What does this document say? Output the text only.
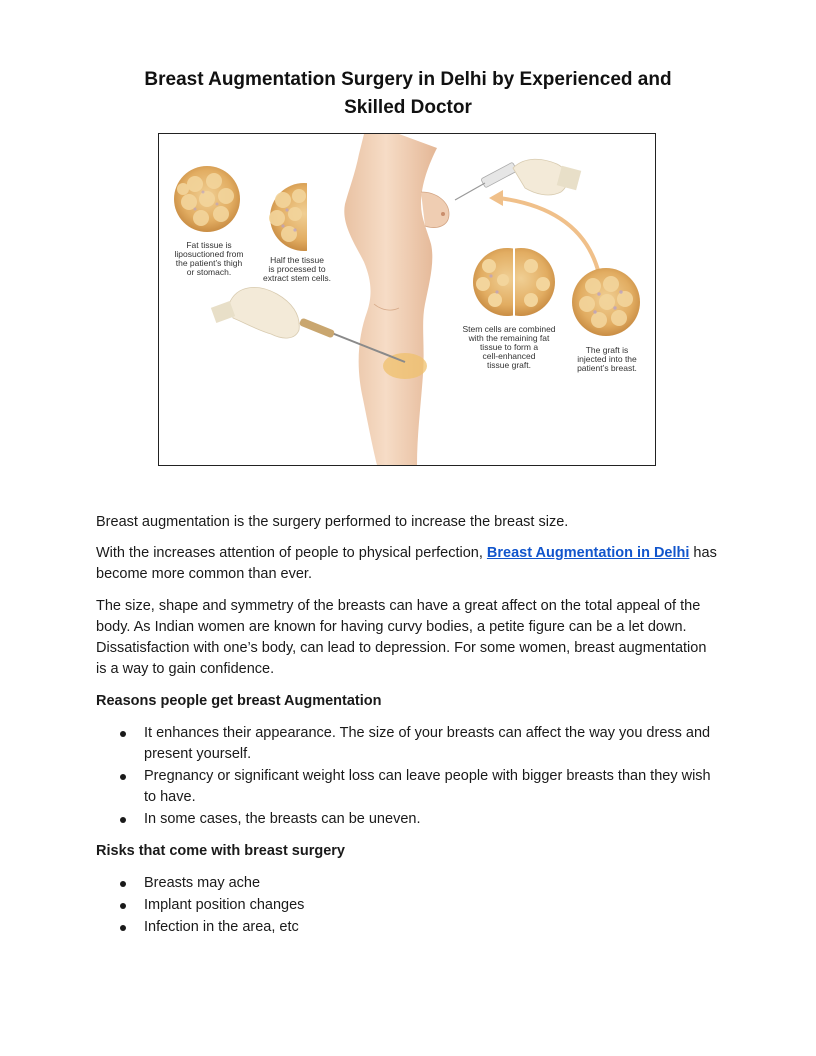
Breast Augmentation Surgery in Delhi by Experienced and
Skilled Doctor
Fat tissue is
liposuctioned from
the patient’s thigh
or stomach.
Half the tissue
is processed to
extract stem cells.
Stem cells are combined
with the remaining fat
tissue to form a
cell-enhanced
tissue graft.
The graft is
injected into the
patient’s breast.

Breast augmentation is the surgery performed to increase the breast size.

With the increases attention of people to physical perfection, Breast Augmentation in Delhi has become more common than ever.

The size, shape and symmetry of the breasts can have a great affect on the total appeal of the body. As Indian women are known for having curvy bodies, a petite figure can be a let down. Dissatisfaction with one’s body, can lead to depression. For some women, breast augmentation is a way to gain confidence.

Reasons people get breast Augmentation

It enhances their appearance. The size of your breasts can affect the way you dress and present yourself.
Pregnancy or significant weight loss can leave people with bigger breasts than they wish to have.
In some cases, the breasts can be uneven.

Risks that come with breast surgery

Breasts may ache
Implant position changes
Infection in the area, etc
